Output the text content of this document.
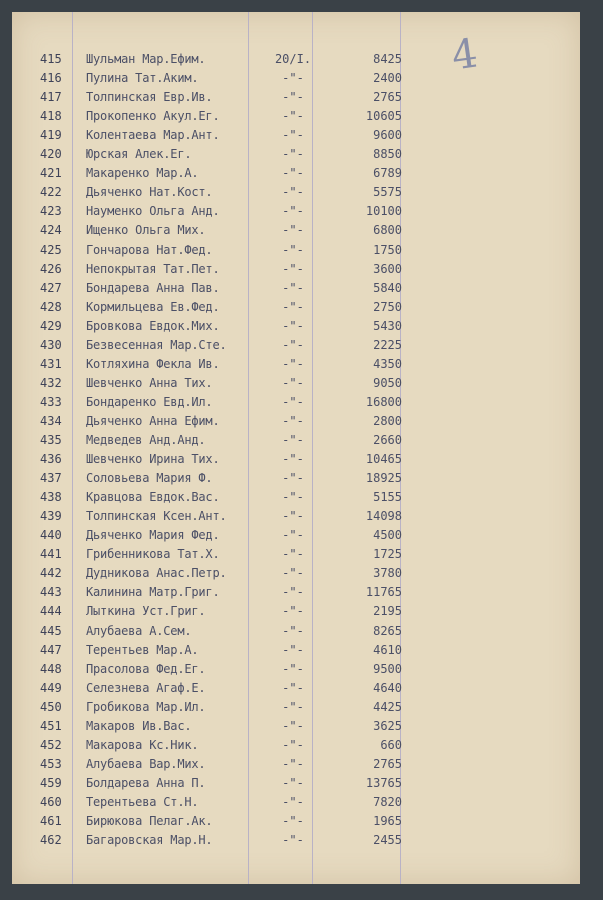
4
415	Шульман Мар.Ефим.	20/I.	8425
416	Пулина Тат.Аким.	-"-	2400
417	Толпинская Евр.Ив.	-"-	2765
418	Прокопенко Акул.Ег.	-"-	10605
419	Колентаева Мар.Ант.	-"-	9600
420	Юрская Алек.Ег.	-"-	8850
421	Макаренко Мар.А.	-"-	6789
422	Дьяченко Нат.Кост.	-"-	5575
423	Науменко Ольга Анд.	-"-	10100
424	Ищенко Ольга Мих.	-"-	6800
425	Гончарова Нат.Фед.	-"-	1750
426	Непокрытая Тат.Пет.	-"-	3600
427	Бондарева Анна Пав.	-"-	5840
428	Кормильцева Ев.Фед.	-"-	2750
429	Бровкова Евдок.Мих.	-"-	5430
430	Безвесенная Мар.Сте.	-"-	2225
431	Котляхина Фекла Ив.	-"-	4350
432	Шевченко Анна Тих.	-"-	9050
433	Бондаренко Евд.Ил.	-"-	16800
434	Дьяченко Анна Ефим.	-"-	2800
435	Медведев Анд.Анд.	-"-	2660
436	Шевченко Ирина Тих.	-"-	10465
437	Соловьева Мария Ф.	-"-	18925
438	Кравцова Евдок.Вас.	-"-	5155
439	Толпинская Ксен.Ант.	-"-	14098
440	Дьяченко Мария Фед.	-"-	4500
441	Грибенникова Тат.Х.	-"-	1725
442	Дудникова Анас.Петр.	-"-	3780
443	Калинина Матр.Григ.	-"-	11765
444	Лыткина Уст.Григ.	-"-	2195
445	Алубаева А.Сем.	-"-	8265
447	Терентьев Мар.А.	-"-	4610
448	Прасолова Фед.Ег.	-"-	9500
449	Селезнева Агаф.Е.	-"-	4640
450	Гробикова Мар.Ил.	-"-	4425
451	Макаров Ив.Вас.	-"-	3625
452	Макарова Кс.Ник.	-"-	660
453	Алубаева Вар.Мих.	-"-	2765
459	Болдарева Анна П.	-"-	13765
460	Терентьева Ст.Н.	-"-	7820
461	Бирюкова Пелаг.Ак.	-"-	1965
462	Багаровская Мар.Н.	-"-	2455
